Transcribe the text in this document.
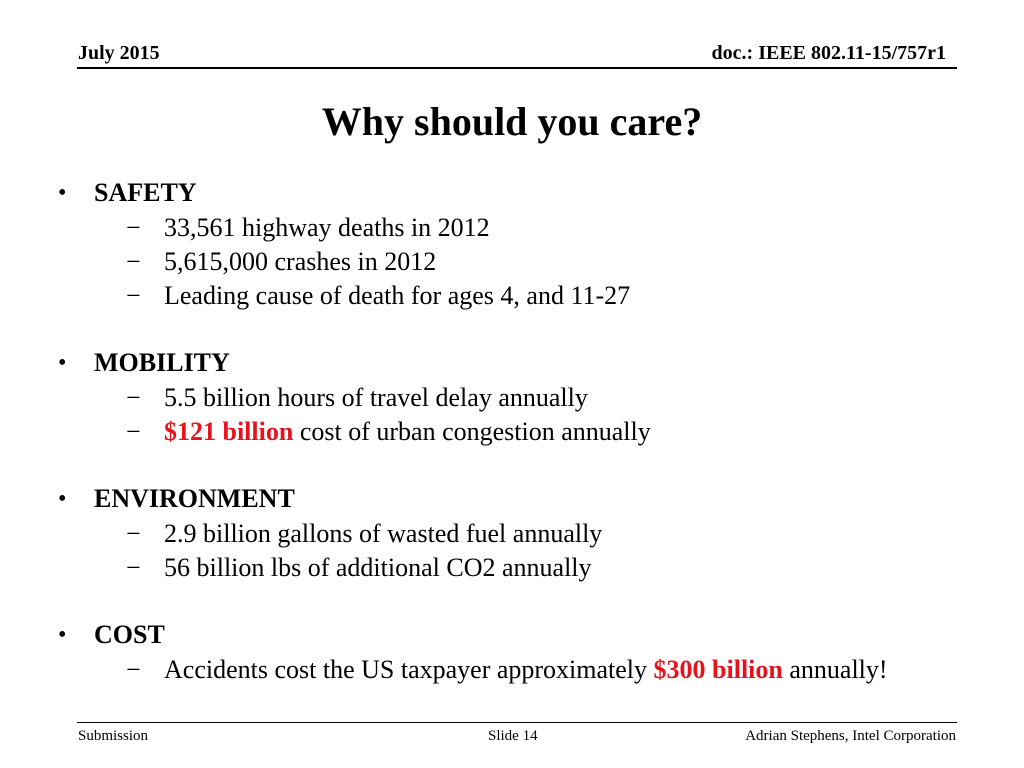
July 2015	doc.: IEEE 802.11-15/757r1
Why should you care?
• SAFETY
− 33,561 highway deaths in 2012
− 5,615,000 crashes in 2012
− Leading cause of death for ages 4, and 11-27
• MOBILITY
− 5.5 billion hours of travel delay annually
− $121 billion cost of urban congestion annually
• ENVIRONMENT
− 2.9 billion gallons of wasted fuel annually
− 56 billion lbs of additional CO2 annually
• COST
− Accidents cost the US taxpayer approximately $300 billion annually!
Submission	Slide 14	Adrian Stephens, Intel Corporation
